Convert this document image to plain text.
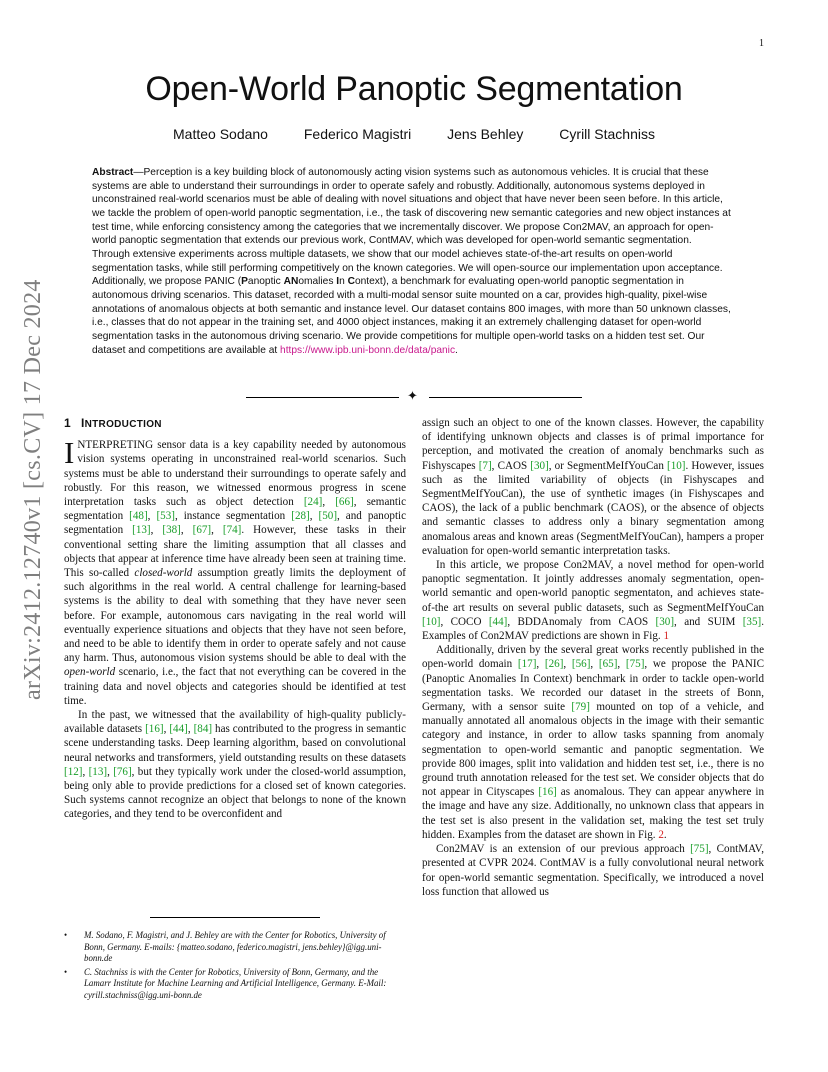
1
arXiv:2412.12740v1 [cs.CV] 17 Dec 2024
Open-World Panoptic Segmentation
Matteo Sodano	Federico Magistri	Jens Behley	Cyrill Stachniss

Abstract—Perception is a key building block of autonomously acting vision systems such as autonomous vehicles. It is crucial that these systems are able to understand their surroundings in order to operate safely and robustly. Additionally, autonomous systems deployed in unconstrained real-world scenarios must be able of dealing with novel situations and object that have never been seen before. In this article, we tackle the problem of open-world panoptic segmentation, i.e., the task of discovering new semantic categories and new object instances at test time, while enforcing consistency among the categories that we incrementally discover. We propose Con2MAV, an approach for open-world panoptic segmentation that extends our previous work, ContMAV, which was developed for open-world semantic segmentation. Through extensive experiments across multiple datasets, we show that our model achieves state-of-the-art results on open-world segmentation tasks, while still performing competitively on the known categories. We will open-source our implementation upon acceptance. Additionally, we propose PANIC (Panoptic ANomalies In Context), a benchmark for evaluating open-world panoptic segmentation in autonomous driving scenarios. This dataset, recorded with a multi-modal sensor suite mounted on a car, provides high-quality, pixel-wise annotations of anomalous objects at both semantic and instance level. Our dataset contains 800 images, with more than 50 unknown classes, i.e., classes that do not appear in the training set, and 4000 object instances, making it an extremely challenging dataset for open-world segmentation tasks in the autonomous driving scenario. We provide competitions for multiple open-world tasks on a hidden test set. Our dataset and competitions are available at https://www.ipb.uni-bonn.de/data/panic.

✦
1 INTRODUCTION

INTERPRETING sensor data is a key capability needed by autonomous vision systems operating in unconstrained real-world scenarios. Such systems must be able to understand their surroundings to operate safely and robustly. For this reason, we witnessed enormous progress in scene interpretation tasks such as object detection [24], [66], semantic segmentation [48], [53], instance segmentation [28], [50], and panoptic segmentation [13], [38], [67], [74]. However, these tasks in their conventional setting share the limiting assumption that all classes and objects that appear at inference time have already been seen at training time. This so-called closed-world assumption greatly limits the deployment of such algorithms in the real world. A central challenge for learning-based systems is the ability to deal with something that they have never seen before. For example, autonomous cars navigating in the real world will eventually experience situations and objects that they have not seen before, and need to be able to identify them in order to operate safely and not cause any harm. Thus, autonomous vision systems should be able to deal with the open-world scenario, i.e., the fact that not everything can be covered in the training data and novel objects and categories should be identified at test time.

In the past, we witnessed that the availability of high-quality publicly-available datasets [16], [44], [84] has contributed to the progress in semantic scene understanding tasks. Deep learning algorithm, based on convolutional neural networks and transformers, yield outstanding results on these datasets [12], [13], [76], but they typically work under the closed-world assumption, being only able to provide predictions for a closed set of known categories. Such systems cannot recognize an object that belongs to none of the known categories, and they tend to be overconfident and

• M. Sodano, F. Magistri, and J. Behley are with the Center for Robotics, University of Bonn, Germany. E-mails: {matteo.sodano, federico.magistri, jens.behley}@igg.uni-bonn.de
• C. Stachniss is with the Center for Robotics, University of Bonn, Germany, and the Lamarr Institute for Machine Learning and Artificial Intelligence, Germany. E-Mail: cyrill.stachniss@igg.uni-bonn.de

assign such an object to one of the known classes. However, the capability of identifying unknown objects and classes is of primal importance for perception, and motivated the creation of anomaly benchmarks such as Fishyscapes [7], CAOS [30], or SegmentMeIfYouCan [10]. However, issues such as the limited variability of objects (in Fishyscapes and SegmentMeIfYouCan), the use of synthetic images (in Fishyscapes and CAOS), the lack of a public benchmark (CAOS), or the absence of objects and semantic classes to address only a binary segmentation among anomalous areas and known areas (SegmentMeIfYouCan), hampers a proper evaluation for open-world semantic interpretation tasks.

In this article, we propose Con2MAV, a novel method for open-world panoptic segmentation. It jointly addresses anomaly segmentation, open-world semantic and open-world panoptic segmentaton, and achieves state-of-the art results on several public datasets, such as SegmentMeIfYouCan [10], COCO [44], BDDAnomaly from CAOS [30], and SUIM [35]. Examples of Con2MAV predictions are shown in Fig. 1

Additionally, driven by the several great works recently published in the open-world domain [17], [26], [56], [65], [75], we propose the PANIC (Panoptic Anomalies In Context) benchmark in order to tackle open-world segmentation tasks. We recorded our dataset in the streets of Bonn, Germany, with a sensor suite [79] mounted on top of a vehicle, and manually annotated all anomalous objects in the image with their semantic category and instance, in order to allow tasks spanning from anomaly segmentation to open-world semantic and panoptic segmentation. We provide 800 images, split into validation and hidden test set, i.e., there is no ground truth annotation released for the test set. We consider objects that do not appear in Cityscapes [16] as anomalous. They can appear anywhere in the image and have any size. Additionally, no unknown class that appears in the test set is also present in the validation set, making the test set truly hidden. Examples from the dataset are shown in Fig. 2.

Con2MAV is an extension of our previous approach [75], ContMAV, presented at CVPR 2024. ContMAV is a fully convolutional neural network for open-world semantic segmentation. Specifically, we introduced a novel loss function that allowed us
